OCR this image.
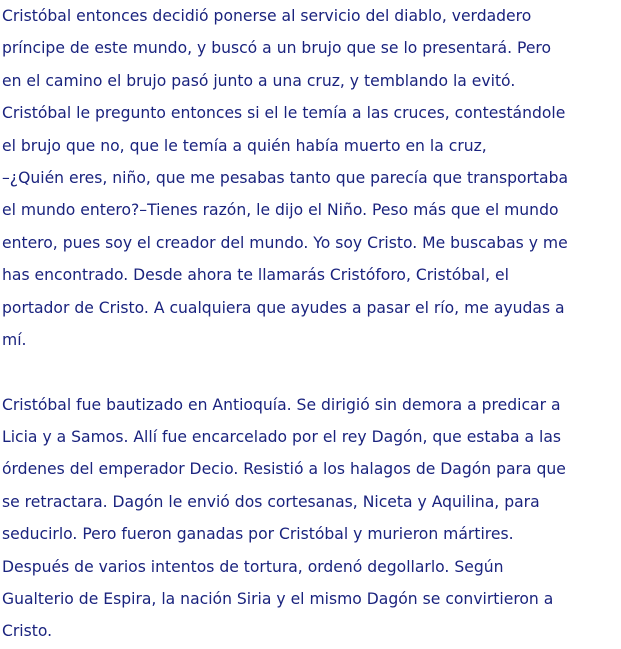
Cristóbal entonces decidió ponerse al servicio del diablo, verdadero
príncipe de este mundo, y buscó a un brujo que se lo presentará. Pero
en el camino el brujo pasó junto a una cruz, y temblando la evitó.
Cristóbal le pregunto entonces si el le temía a las cruces, contestándole
el brujo que no, que le temía a quién había muerto en la cruz,
–¿Quién eres, niño, que me pesabas tanto que parecía que transportaba
el mundo entero?–Tienes razón, le dijo el Niño. Peso más que el mundo
entero, pues soy el creador del mundo. Yo soy Cristo. Me buscabas y me
has encontrado. Desde ahora te llamarás Cristóforo, Cristóbal, el
portador de Cristo. A cualquiera que ayudes a pasar el río, me ayudas a
mí.
Cristóbal fue bautizado en Antioquía. Se dirigió sin demora a predicar a
Licia y a Samos. Allí fue encarcelado por el rey Dagón, que estaba a las
órdenes del emperador Decio. Resistió a los halagos de Dagón para que
se retractara. Dagón le envió dos cortesanas, Niceta y Aquilina, para
seducirlo. Pero fueron ganadas por Cristóbal y murieron mártires.
Después de varios intentos de tortura, ordenó degollarlo. Según
Gualterio de Espira, la nación Siria y el mismo Dagón se convirtieron a
Cristo.
